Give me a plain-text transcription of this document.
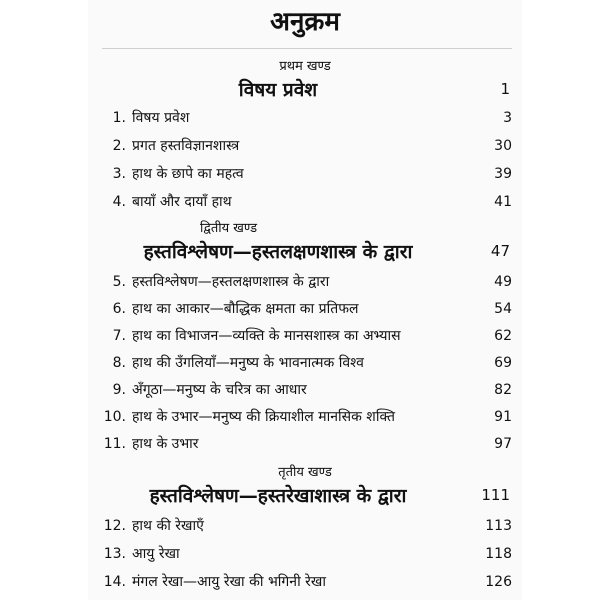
अनुक्रम
प्रथम खण्ड
विषय प्रवेश	1
1. विषय प्रवेश	3
2. प्रगत हस्तविज्ञानशास्त्र	30
3. हाथ के छापे का महत्व	39
4. बायाँ और दायाँ हाथ	41
द्वितीय खण्ड
हस्तविश्लेषण—हस्तलक्षणशास्त्र के द्वारा	47
5. हस्तविश्लेषण—हस्तलक्षणशास्त्र के द्वारा	49
6. हाथ का आकार—बौद्धिक क्षमता का प्रतिफल	54
7. हाथ का विभाजन—व्यक्ति के मानसशास्त्र का अभ्यास	62
8. हाथ की उँगलियाँ—मनुष्य के भावनात्मक विश्व	69
9. अँगूठा—मनुष्य के चरित्र का आधार	82
10. हाथ के उभार—मनुष्य की क्रियाशील मानसिक शक्ति	91
11. हाथ के उभार	97
तृतीय खण्ड
हस्तविश्लेषण—हस्तरेखाशास्त्र के द्वारा	111
12. हाथ की रेखाएँ	113
13. आयु रेखा	118
14. मंगल रेखा—आयु रेखा की भगिनी रेखा	126
